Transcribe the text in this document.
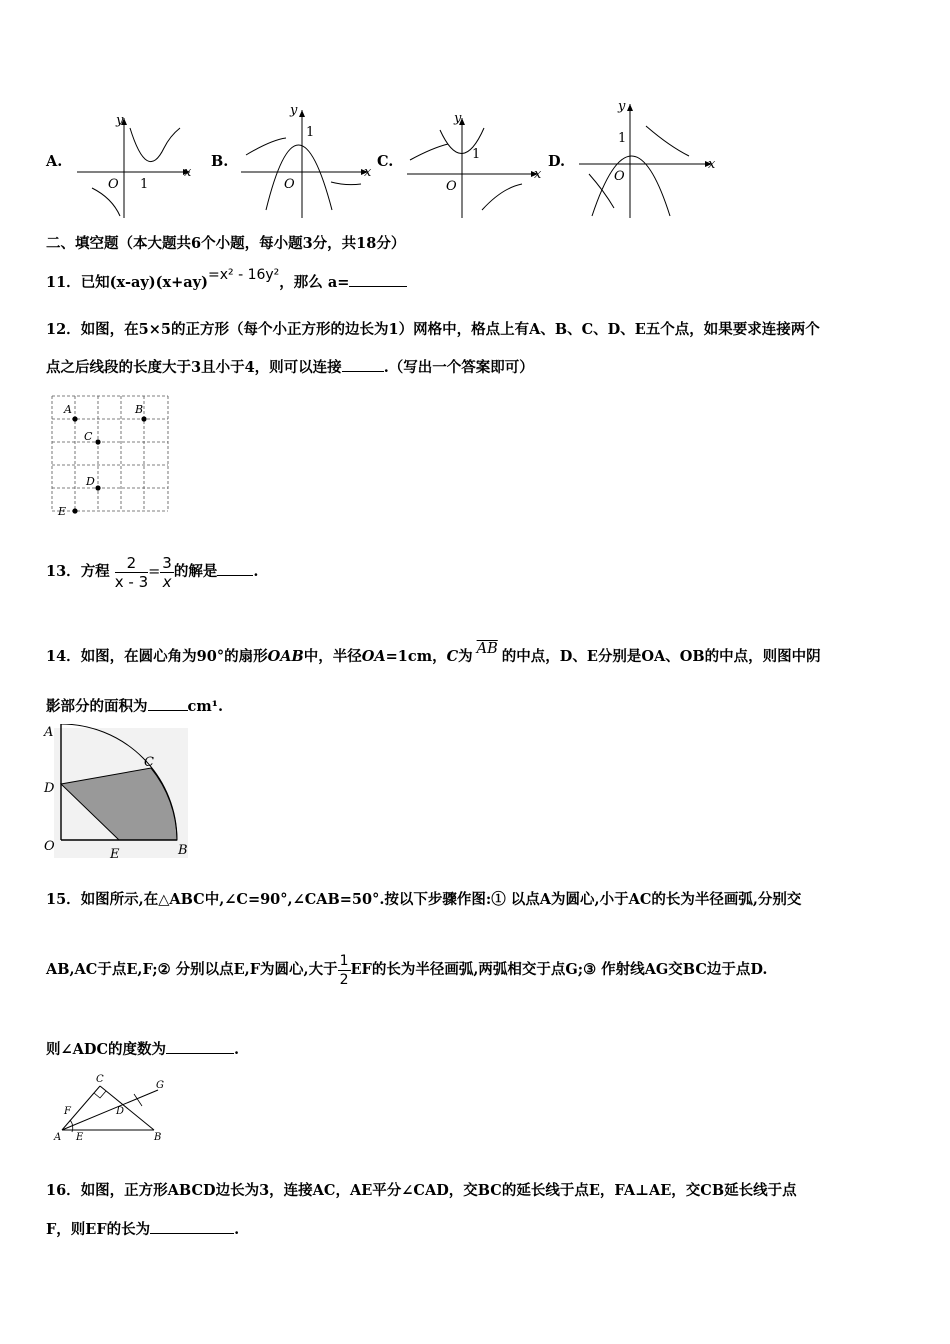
A.
x
y
O 1
B.
x
y
O
1
C.
x
y
O
1	D.	x
y
O
1
二、填空题（本大题共6个小题，每小题3分，共18分）
11．已知(x-ay)(x+ay)=x² - 16y²，那么 a=
12．如图，在5×5的正方形（每个小正方形的边长为1）网格中，格点上有A、B、C、D、E五个点，如果要求连接两个
点之后线段的长度大于3且小于4，则可以连接	.（写出一个答案即可）
A	B
C
D
E
13．方程 $\frac{2}{x - 3} = \frac{3}{x}$ 的解是 .
14．如图，在圆心角为90°的扇形OAB中，半径OA=1cm，C为 $\overline{AB}$ 的中点，D、E分别是OA、OB的中点，则图中阴
影部分的面积为	cm¹.
A
C
D
O
E	B
15．如图所示,在△ABC中,∠C=90°,∠CAB=50°.按以下步骤作图:① 以点A为圆心,小于AC的长为半径画弧,分别交
AB,AC于点E,F;② 分别以点E,F为圆心,大于 $\frac{1}{2}$ EF的长为半径画弧,两弧相交于点G;③ 作射线AG交BC边于点D.
则∠ADC的度数为	.
C
G
F	D
A E	B
16．如图，正方形ABCD边长为3，连接AC，AE平分∠CAD，交BC的延长线于点E，FA⊥AE，交CB延长线于点
F，则EF的长为	.
